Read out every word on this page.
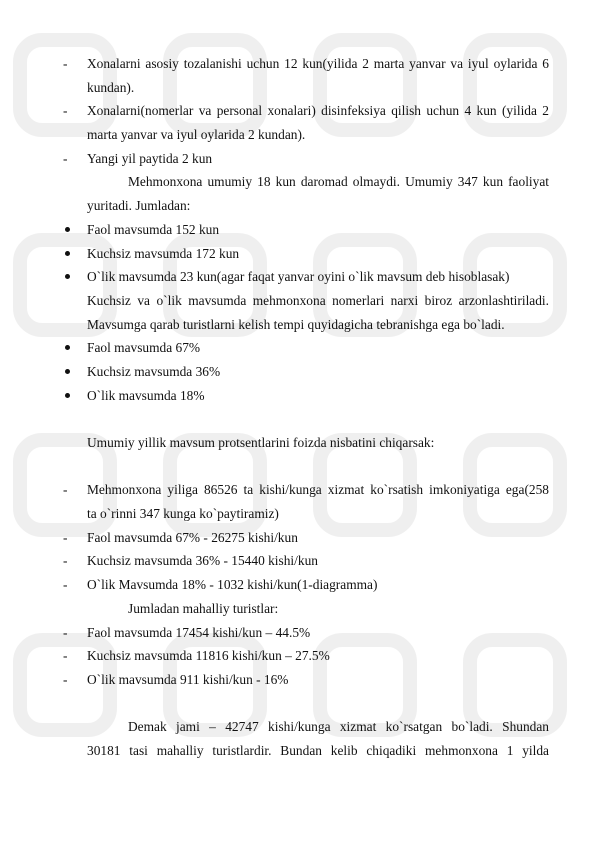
-
Xonalarni asosiy tozalanishi uchun 12 kun(yilida 2 marta yanvar va iyul oylarida 6
kundan).
-
Xonalarni(nomerlar va personal xonalari) disinfeksiya qilish uchun 4 kun (yilida 2
marta yanvar va iyul oylarida 2 kundan).
-
Yangi yil paytida 2 kun
Mehmonxona umumiy 18 kun daromad olmaydi. Umumiy 347 kun faoliyat
yuritadi. Jumladan:
Faol mavsumda 152 kun
Kuchsiz mavsumda 172 kun
O`lik mavsumda 23 kun(agar faqat yanvar oyini o`lik mavsum deb hisoblasak)
Kuchsiz va o`lik mavsumda mehmonxona nomerlari narxi biroz arzonlashtiriladi.
Mavsumga qarab turistlarni kelish tempi quyidagicha tebranishga ega bo`ladi.
Faol mavsumda 67%
Kuchsiz mavsumda 36%
O`lik mavsumda 18%
Umumiy yillik mavsum protsentlarini foizda nisbatini chiqarsak:
-
Mehmonxona yiliga 86526 ta kishi/kunga xizmat ko`rsatish imkoniyatiga ega(258
ta o`rinni 347 kunga ko`paytiramiz)
-
Faol mavsumda 67% - 26275 kishi/kun
-
Kuchsiz mavsumda 36% - 15440 kishi/kun
-
O`lik Mavsumda 18% - 1032 kishi/kun(1-diagramma)
Jumladan mahalliy turistlar:
-
Faol mavsumda 17454 kishi/kun – 44.5%
-
Kuchsiz mavsumda 11816 kishi/kun – 27.5%
-
O`lik mavsumda 911 kishi/kun - 16%
Demak jami – 42747 kishi/kunga xizmat ko`rsatgan bo`ladi. Shundan
30181 tasi mahalliy turistlardir. Bundan kelib chiqadiki mehmonxona 1 yilda
